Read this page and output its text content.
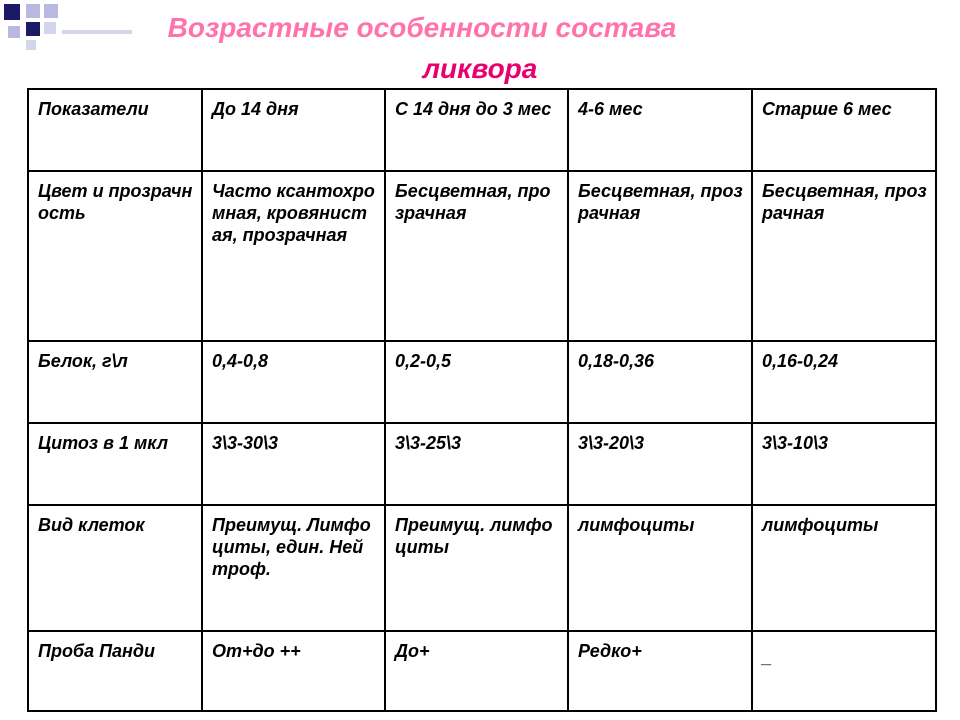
Возрастные особенности состава
ликвора
Показатели	До 14 дня	С 14 дня до 3 мес	4-6 мес	Старше 6 мес
Цвет и прозрачность	Часто ксантохромная, кровянистая, прозрачная	Бесцветная, прозрачная	Бесцветная, прозрачная	Бесцветная, прозрачная
Белок, г\л	0,4-0,8	0,2-0,5	0,18-0,36	0,16-0,24
Цитоз в 1 мкл	3\3-30\3	3\3-25\3	3\3-20\3	3\3-10\3
Вид клеток	Преимущ. Лимфоциты, един. Нейтроф.	Преимущ. лимфоциты	лимфоциты	лимфоциты
Проба Панди	От+до ++	До+	Редко+	_
